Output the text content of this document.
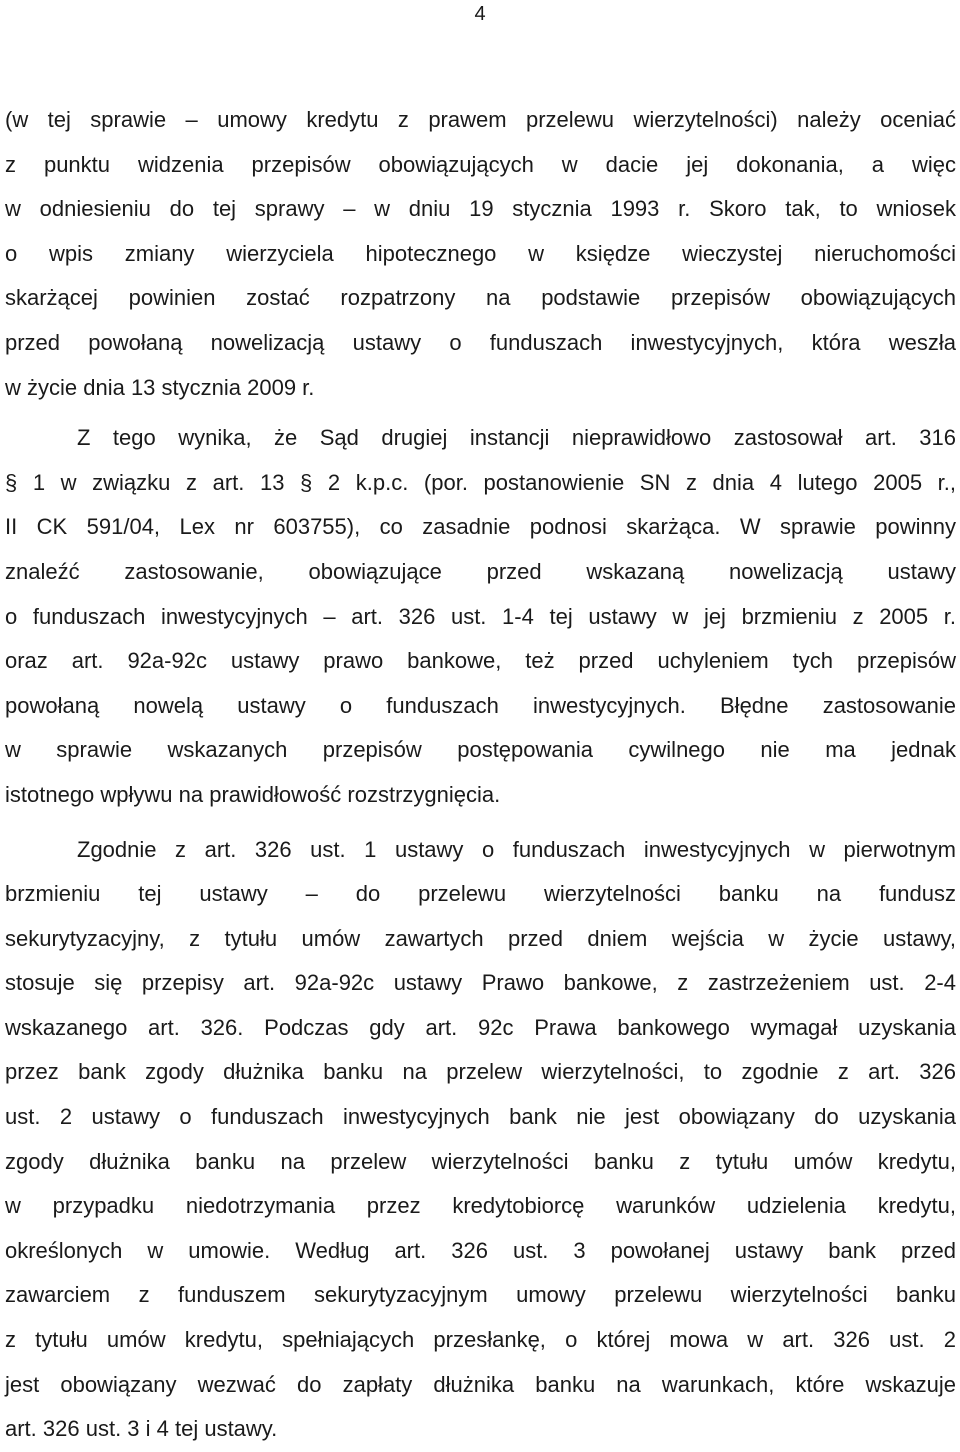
4
(w tej sprawie – umowy kredytu z prawem przelewu wierzytelności) należy oceniać
z punktu widzenia przepisów obowiązujących w dacie jej dokonania, a więc
w odniesieniu do tej sprawy – w dniu 19 stycznia 1993 r. Skoro tak, to wniosek
o wpis zmiany wierzyciela hipotecznego w księdze wieczystej nieruchomości
skarżącej powinien zostać rozpatrzony na podstawie przepisów obowiązujących
przed powołaną nowelizacją ustawy o funduszach inwestycyjnych, która weszła
w życie dnia 13 stycznia 2009 r.
Z tego wynika, że Sąd drugiej instancji nieprawidłowo zastosował art. 316
§ 1 w związku z art. 13 § 2 k.p.c. (por. postanowienie SN z dnia 4 lutego 2005 r.,
II CK 591/04, Lex nr 603755), co zasadnie podnosi skarżąca. W sprawie powinny
znaleźć zastosowanie, obowiązujące przed wskazaną nowelizacją ustawy
o funduszach inwestycyjnych – art. 326 ust. 1-4 tej ustawy w jej brzmieniu z 2005 r.
oraz art. 92a-92c ustawy prawo bankowe, też przed uchyleniem tych przepisów
powołaną nowelą ustawy o funduszach inwestycyjnych. Błędne zastosowanie
w sprawie wskazanych przepisów postępowania cywilnego nie ma jednak
istotnego wpływu na prawidłowość rozstrzygnięcia.
Zgodnie z art. 326 ust. 1 ustawy o funduszach inwestycyjnych w pierwotnym
brzmieniu tej ustawy – do przelewu wierzytelności banku na fundusz
sekurytyzacyjny, z tytułu umów zawartych przed dniem wejścia w życie ustawy,
stosuje się przepisy art. 92a-92c ustawy Prawo bankowe, z zastrzeżeniem ust. 2-4
wskazanego art. 326. Podczas gdy art. 92c Prawa bankowego wymagał uzyskania
przez bank zgody dłużnika banku na przelew wierzytelności, to zgodnie z art. 326
ust. 2 ustawy o funduszach inwestycyjnych bank nie jest obowiązany do uzyskania
zgody dłużnika banku na przelew wierzytelności banku z tytułu umów kredytu,
w przypadku niedotrzymania przez kredytobiorcę warunków udzielenia kredytu,
określonych w umowie. Według art. 326 ust. 3 powołanej ustawy bank przed
zawarciem z funduszem sekurytyzacyjnym umowy przelewu wierzytelności banku
z tytułu umów kredytu, spełniających przesłankę, o której mowa w art. 326 ust. 2
jest obowiązany wezwać do zapłaty dłużnika banku na warunkach, które wskazuje
art. 326 ust. 3 i 4 tej ustawy.
